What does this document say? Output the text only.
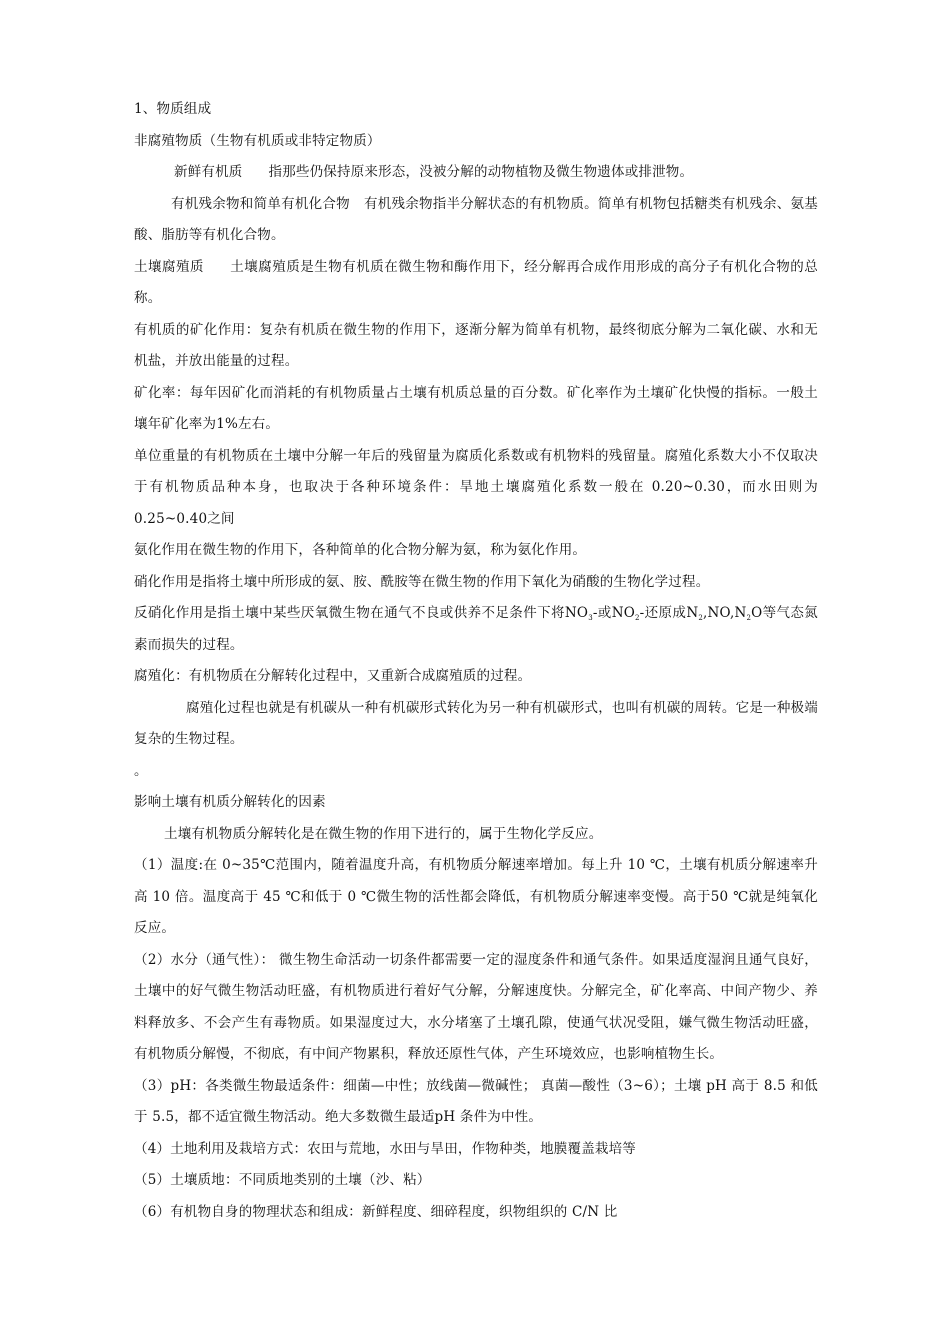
1、物质组成

非腐殖物质（生物有机质或非特定物质）

新鲜有机质 指那些仍保持原来形态，没被分解的动物植物及微生物遗体或排泄物。

有机残余物和简单有机化合物 有机残余物指半分解状态的有机物质。简单有机物包括糖类有机残余、氨基酸、脂肪等有机化合物。

土壤腐殖质 土壤腐殖质是生物有机质在微生物和酶作用下，经分解再合成作用形成的高分子有机化合物的总称。

有机质的矿化作用：复杂有机质在微生物的作用下，逐渐分解为简单有机物，最终彻底分解为二氧化碳、水和无机盐，并放出能量的过程。

矿化率：每年因矿化而消耗的有机物质量占土壤有机质总量的百分数。矿化率作为土壤矿化快慢的指标。一般土壤年矿化率为1%左右。

单位重量的有机物质在土壤中分解一年后的残留量为腐质化系数或有机物料的残留量。腐殖化系数大小不仅取决于有机物质品种本身，也取决于各种环境条件：旱地土壤腐殖化系数一般在 0.20~0.30，而水田则为0.25~0.40之间

氨化作用在微生物的作用下，各种简单的化合物分解为氨，称为氨化作用。

硝化作用是指将土壤中所形成的氨、胺、酰胺等在微生物的作用下氧化为硝酸的生物化学过程。

反硝化作用是指土壤中某些厌氧微生物在通气不良或供养不足条件下将$NO_3-$或$NO_2-$还原成$N_2,NO,N_2O$等气态氮素而损失的过程。

腐殖化：有机物质在分解转化过程中，又重新合成腐殖质的过程。

腐殖化过程也就是有机碳从一种有机碳形式转化为另一种有机碳形式，也叫有机碳的周转。它是一种极端复杂的生物过程。

。

影响土壤有机质分解转化的因素

土壤有机物质分解转化是在微生物的作用下进行的，属于生物化学反应。

（1）温度:在 0~35℃范围内，随着温度升高，有机物质分解速率增加。每上升 10 ℃，土壤有机质分解速率升高 10 倍。温度高于 45 ℃和低于 0 ℃微生物的活性都会降低，有机物质分解速率变慢。高于50 ℃就是纯氧化反应。

（2）水分（通气性）： 微生物生命活动一切条件都需要一定的湿度条件和通气条件。如果适度湿润且通气良好，土壤中的好气微生物活动旺盛，有机物质进行着好气分解，分解速度快。分解完全，矿化率高、中间产物少、养料释放多、不会产生有毒物质。如果湿度过大，水分堵塞了土壤孔隙，使通气状况受阻，嫌气微生物活动旺盛，有机物质分解慢，不彻底，有中间产物累积，释放还原性气体，产生环境效应，也影响植物生长。

（3）pH：各类微生物最适条件：细菌—中性；放线菌—微碱性； 真菌—酸性（3~6）；土壤 pH 高于 8.5 和低于 5.5，都不适宜微生物活动。绝大多数微生最适pH 条件为中性。

（4）土地利用及栽培方式：农田与荒地，水田与旱田，作物种类，地膜覆盖栽培等

（5）土壤质地：不同质地类别的土壤（沙、粘）

（6）有机物自身的物理状态和组成：新鲜程度、细碎程度，织物组织的 C/N 比
